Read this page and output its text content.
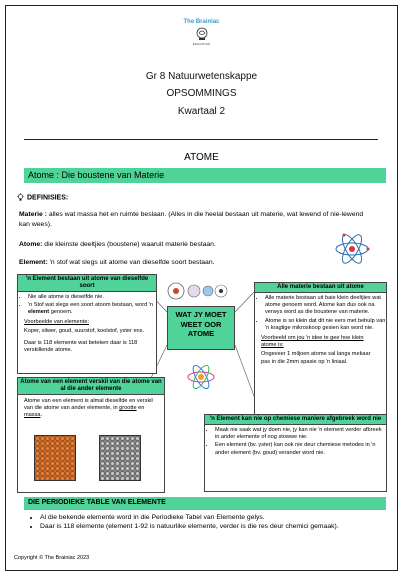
The Brainiac
EDUCATION
Gr 8 Natuurwetenskappe
OPSOMMINGS
Kwartaal 2
ATOME
Atome : Die boustene van Materie
DEFINISIES:
Materie : alles wat massa het en ruimte beslaan. (Alles in die heelal bestaan uit materie, wat lewend of nie-lewend kan wees).
Atome: die kleinste deeltjies (boustene) waaruit materie bestaan.
Element: 'n stof wat slegs uit atome van dieselfde soort bestaan.
WAT JY MOET WEET OOR ATOME
'n Element bestaan uit atome van dieselfde soort
• Nie alle atome is dieselfde nie.
• 'n Stof wat slegs een soort atoom bestaan, word 'n element genoem.
Voorbeelde van elemente:
Koper, silwer, goud, suurstof, koolstof, yster ens.
Daar is 118 elemente wat beteken daar is 118 verskillende atome.
Alle materie bestaan uit atome
• Alle materie bestaan uit baie klein deeltjies wat atome genoem word. Atome kan dus ook na verwys word as die boustene van materie.
• Atome is so klein dat dit nie eers met behulp van 'n kragtige mikroskoop gesien kan word nie.
Voorbeeld om jou 'n idee te gee hoe klein atome is:
Ongeveer 1 miljoen atome sal langs mekaar pas in die 2mm spasie op 'n liniaal.
Atome van een element verskil van die atome van al die ander elemente
Atome van een element is almal dieselfde en verskil van die atome van ander elemente, in grootte en massa.
'n Element kan nie op chemiese maniere afgebreek word nie
• Maak nie saak wat jy doen nie, jy kan nie 'n element verder afbreek in ander elemente of nog stowwe nie.
• Een element (bv. yster) kan ook nie deur chemiese metodes in 'n ander element (bv. goud) verander word nie.
DIE PERIODIEKE TABLE VAN ELEMENTE
• Al die bekende elemente word in die Periodieke Tabel van Elemente gelys.
• Daar is 118 elemente (element 1-92 is natuurlike elemente, verder is die res deur chemici gemaak).
Copyright © The Brainiac 2023
